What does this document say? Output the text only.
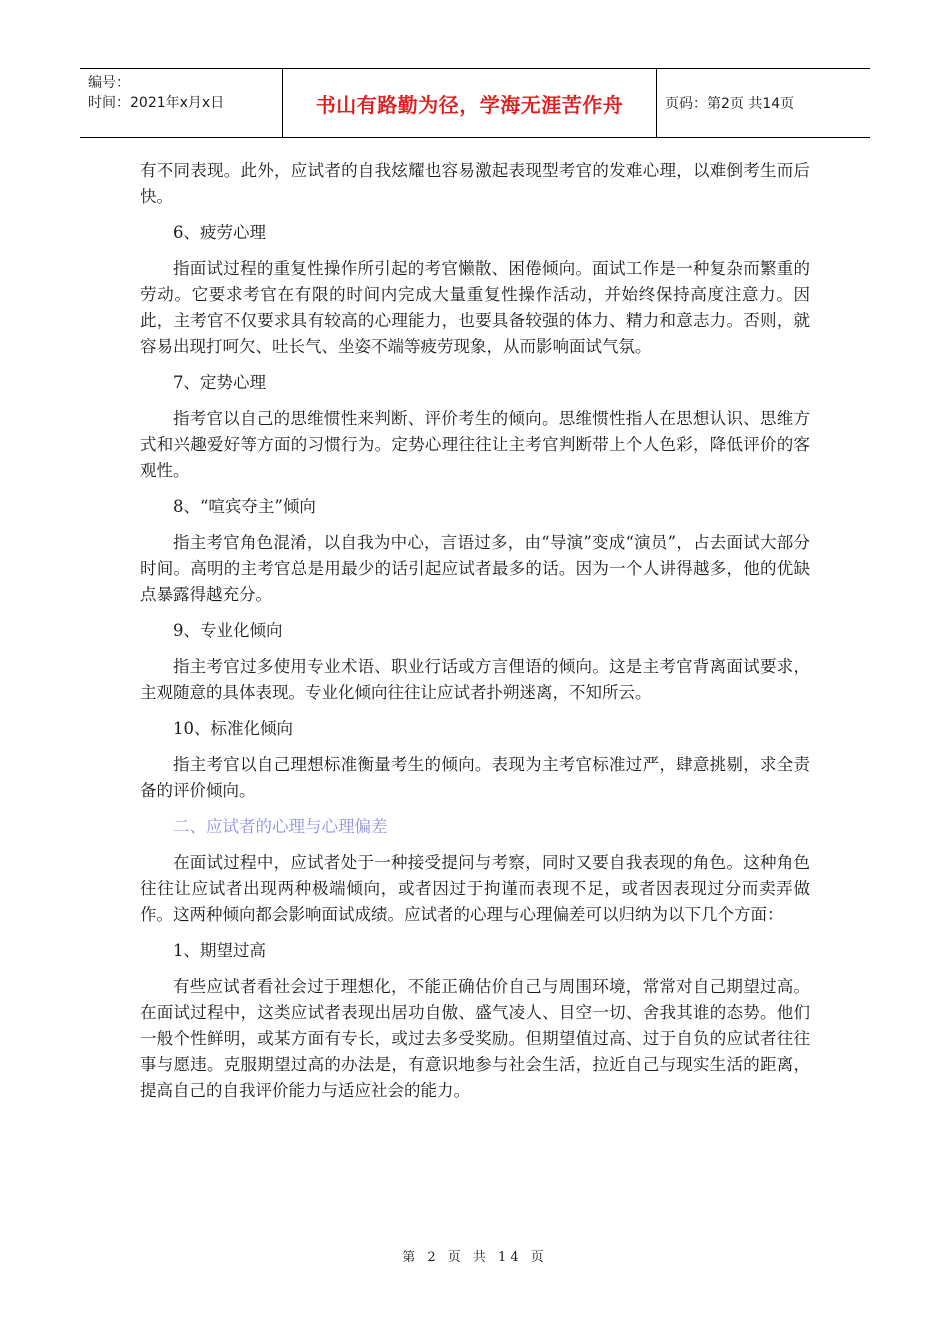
编号：
时间：2021年x月x日	书山有路勤为径，学海无涯苦作舟	页码：第2页 共14页

有不同表现。此外，应试者的自我炫耀也容易激起表现型考官的发难心理，以难倒考生而后快。

6、疲劳心理

指面试过程的重复性操作所引起的考官懒散、困倦倾向。面试工作是一种复杂而繁重的劳动。它要求考官在有限的时间内完成大量重复性操作活动，并始终保持高度注意力。因此，主考官不仅要求具有较高的心理能力，也要具备较强的体力、精力和意志力。否则，就容易出现打呵欠、吐长气、坐姿不端等疲劳现象，从而影响面试气氛。

7、定势心理

指考官以自己的思维惯性来判断、评价考生的倾向。思维惯性指人在思想认识、思维方式和兴趣爱好等方面的习惯行为。定势心理往往让主考官判断带上个人色彩，降低评价的客观性。

8、“喧宾夺主”倾向

指主考官角色混淆，以自我为中心，言语过多，由“导演”变成“演员”，占去面试大部分时间。高明的主考官总是用最少的话引起应试者最多的话。因为一个人讲得越多，他的优缺点暴露得越充分。

9、专业化倾向

指主考官过多使用专业术语、职业行话或方言俚语的倾向。这是主考官背离面试要求，主观随意的具体表现。专业化倾向往往让应试者扑朔迷离，不知所云。

10、标准化倾向

指主考官以自己理想标准衡量考生的倾向。表现为主考官标准过严，肆意挑剔，求全责备的评价倾向。

二、应试者的心理与心理偏差

在面试过程中，应试者处于一种接受提问与考察，同时又要自我表现的角色。这种角色往往让应试者出现两种极端倾向，或者因过于拘谨而表现不足，或者因表现过分而卖弄做作。这两种倾向都会影响面试成绩。应试者的心理与心理偏差可以归纳为以下几个方面：

1、期望过高

有些应试者看社会过于理想化，不能正确估价自己与周围环境，常常对自己期望过高。在面试过程中，这类应试者表现出居功自傲、盛气凌人、目空一切、舍我其谁的态势。他们一般个性鲜明，或某方面有专长，或过去多受奖励。但期望值过高、过于自负的应试者往往事与愿违。克服期望过高的办法是，有意识地参与社会生活，拉近自己与现实生活的距离，提高自己的自我评价能力与适应社会的能力。

第 2 页 共 14 页
